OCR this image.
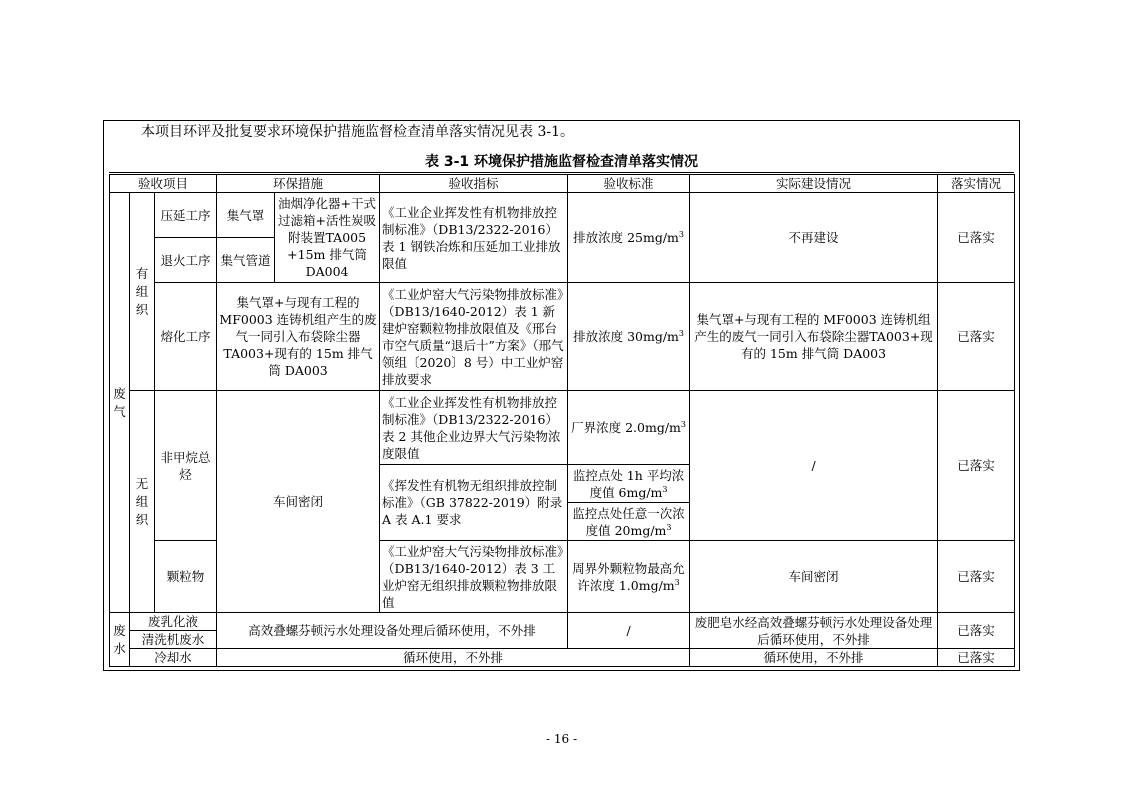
本项目环评及批复要求环境保护措施监督检查清单落实情况见表 3-1。
表 3-1 环境保护措施监督检查清单落实情况
验收项目			环保措施		验收指标	验收标准	实际建设情况	落实情况
废气	有组织	压延工序	集气罩	油烟净化器+干式过滤箱+活性炭吸附装置TA005 +15m 排气筒 DA004	《工业企业挥发性有机物排放控制标准》（DB13/2322-2016）表 1 钢铁冶炼和压延加工业排放限值	排放浓度 $25mg/m^3$	不再建设	已落实
		退火工序	集气管道					
		熔化工序	集气罩+与现有工程的MF0003 连铸机组产生的废气一同引入布袋除尘器TA003+现有的 15m 排气筒 DA003		《工业炉窑大气污染物排放标准》（DB13/1640-2012）表 1 新建炉窑颗粒物排放限值及《邢台市空气质量“退后十”方案》（邢气领组〔2020〕8 号）中工业炉窑排放要求	排放浓度 $30mg/m^3$	集气罩+与现有工程的 MF0003 连铸机组产生的废气一同引入布袋除尘器TA003+现有的 15m 排气筒 DA003	已落实
	无组织	非甲烷总烃	车间密闭		《工业企业挥发性有机物排放控制标准》（DB13/2322-2016）表 2 其他企业边界大气污染物浓度限值	厂界浓度 $2.0mg/m^3$	/	已落实
					《挥发性有机物无组织排放控制标准》（GB 37822-2019）附录 A 表 A.1 要求	监控点处 1h 平均浓度值 $6mg/m^3$
						监控点处任意一次浓度值 $20mg/m^3$
		颗粒物			《工业炉窑大气污染物排放标准》（DB13/1640-2012）表 3 工业炉窑无组织排放颗粒物排放限值	周界外颗粒物最高允许浓度 $1.0mg/m^3$	车间密闭	已落实
废水	废乳化液		高效叠螺芬顿污水处理设备处理后循环使用，不外排			/	废肥皂水经高效叠螺芬顿污水处理设备处理后循环使用，不外排	已落实
	清洗机废水							
	冷却水		循环使用，不外排				循环使用，不外排	已落实
- 16 -
